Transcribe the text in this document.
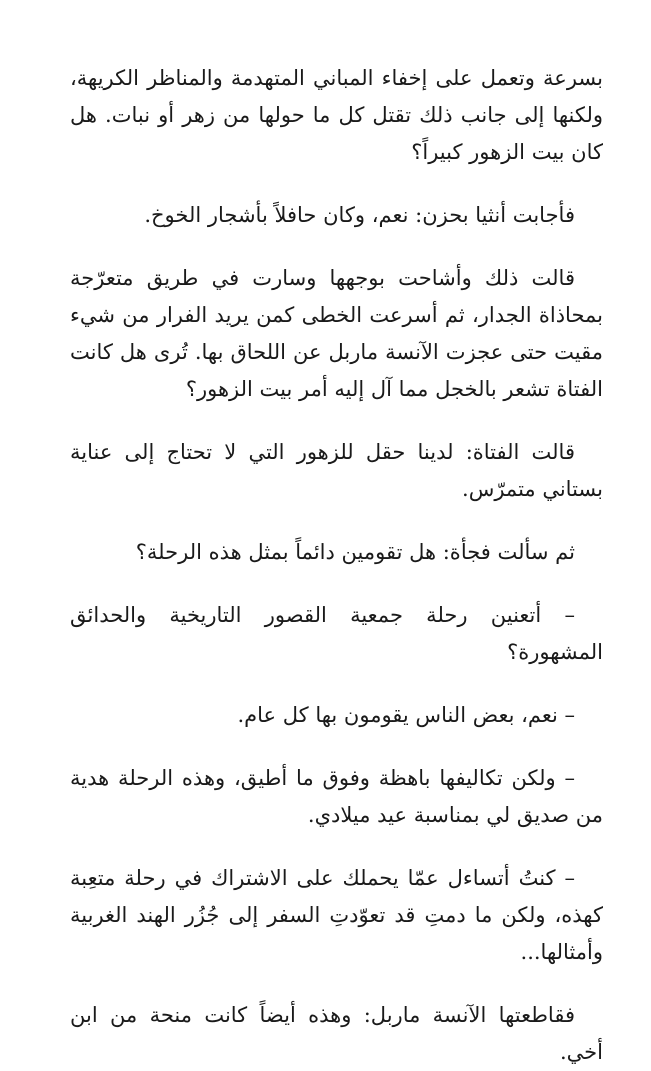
بسرعة وتعمل على إخفاء المباني المتهدمة والمناظر الكريهة، ولكنها إلى جانب ذلك تقتل كل ما حولها من زهر أو نبات. هل كان بيت الزهور كبيراً؟

فأجابت أنثيا بحزن: نعم، وكان حافلاً بأشجار الخوخ.

قالت ذلك وأشاحت بوجهها وسارت في طريق متعرّجة بمحاذاة الجدار، ثم أسرعت الخطى كمن يريد الفرار من شيء مقيت حتى عجزت الآنسة ماربل عن اللحاق بها. تُرى هل كانت الفتاة تشعر بالخجل مما آل إليه أمر بيت الزهور؟

قالت الفتاة: لدينا حقل للزهور التي لا تحتاج إلى عناية بستاني متمرّس.

ثم سألت فجأة: هل تقومين دائماً بمثل هذه الرحلة؟

– أتعنين رحلة جمعية القصور التاريخية والحدائق المشهورة؟

– نعم، بعض الناس يقومون بها كل عام.

– ولكن تكاليفها باهظة وفوق ما أطيق، وهذه الرحلة هدية من صديق لي بمناسبة عيد ميلادي.

– كنتُ أتساءل عمّا يحملك على الاشتراك في رحلة متعِبة كهذه، ولكن ما دمتِ قد تعوّدتِ السفر إلى جُزُر الهند الغربية وأمثالها...

فقاطعتها الآنسة ماربل: وهذه أيضاً كانت منحة من ابن أخي.
